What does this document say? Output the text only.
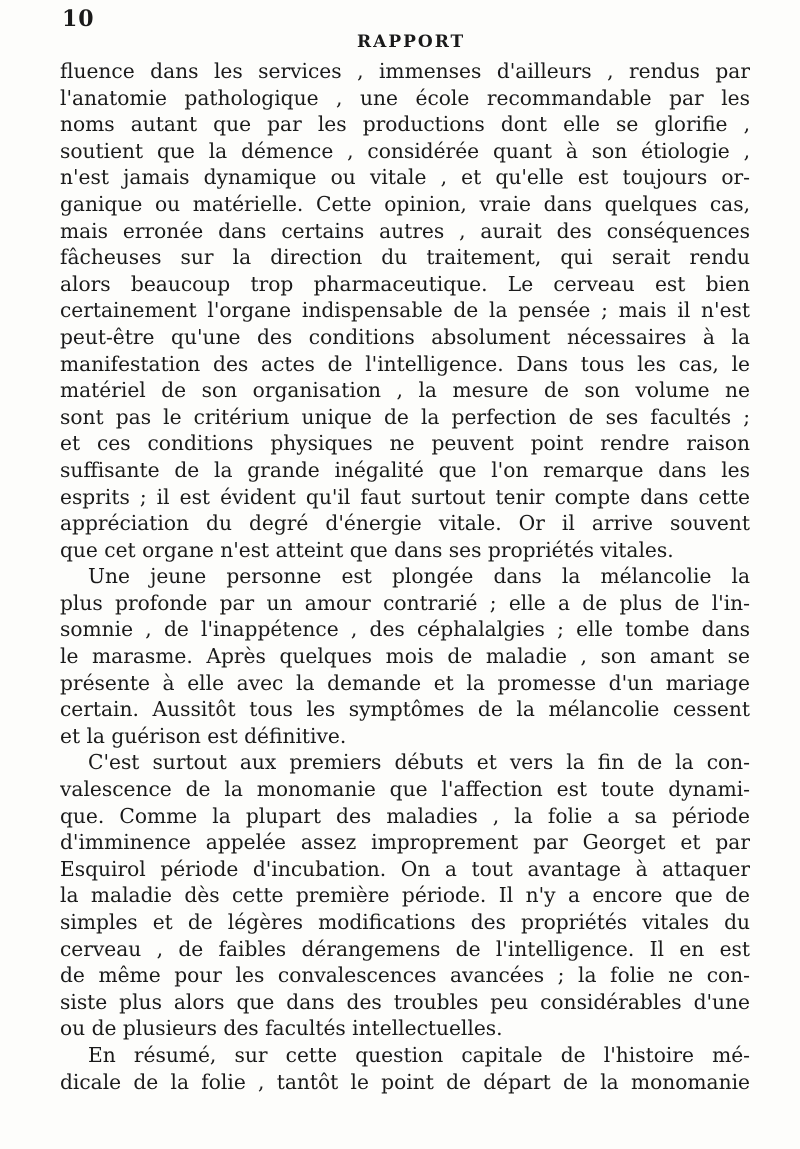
10
RAPPORT
fluence dans les services , immenses d'ailleurs , rendus par
l'anatomie pathologique , une école recommandable par les
noms autant que par les productions dont elle se glorifie ,
soutient que la démence , considérée quant à son étiologie ,
n'est jamais dynamique ou vitale , et qu'elle est toujours or-
ganique ou matérielle. Cette opinion, vraie dans quelques cas,
mais erronée dans certains autres , aurait des conséquences
fâcheuses sur la direction du traitement, qui serait rendu
alors beaucoup trop pharmaceutique. Le cerveau est bien
certainement l'organe indispensable de la pensée ; mais il n'est
peut-être qu'une des conditions absolument nécessaires à la
manifestation des actes de l'intelligence. Dans tous les cas, le
matériel de son organisation , la mesure de son volume ne
sont pas le critérium unique de la perfection de ses facultés ;
et ces conditions physiques ne peuvent point rendre raison
suffisante de la grande inégalité que l'on remarque dans les
esprits ; il est évident qu'il faut surtout tenir compte dans cette
appréciation du degré d'énergie vitale. Or il arrive souvent
que cet organe n'est atteint que dans ses propriétés vitales.
Une jeune personne est plongée dans la mélancolie la
plus profonde par un amour contrarié ; elle a de plus de l'in-
somnie , de l'inappétence , des céphalalgies ; elle tombe dans
le marasme. Après quelques mois de maladie , son amant se
présente à elle avec la demande et la promesse d'un mariage
certain. Aussitôt tous les symptômes de la mélancolie cessent
et la guérison est définitive.
C'est surtout aux premiers débuts et vers la fin de la con-
valescence de la monomanie que l'affection est toute dynami-
que. Comme la plupart des maladies , la folie a sa période
d'imminence appelée assez improprement par Georget et par
Esquirol période d'incubation. On a tout avantage à attaquer
la maladie dès cette première période. Il n'y a encore que de
simples et de légères modifications des propriétés vitales du
cerveau , de faibles dérangemens de l'intelligence. Il en est
de même pour les convalescences avancées ; la folie ne con-
siste plus alors que dans des troubles peu considérables d'une
ou de plusieurs des facultés intellectuelles.
En résumé, sur cette question capitale de l'histoire mé-
dicale de la folie , tantôt le point de départ de la monomanie
